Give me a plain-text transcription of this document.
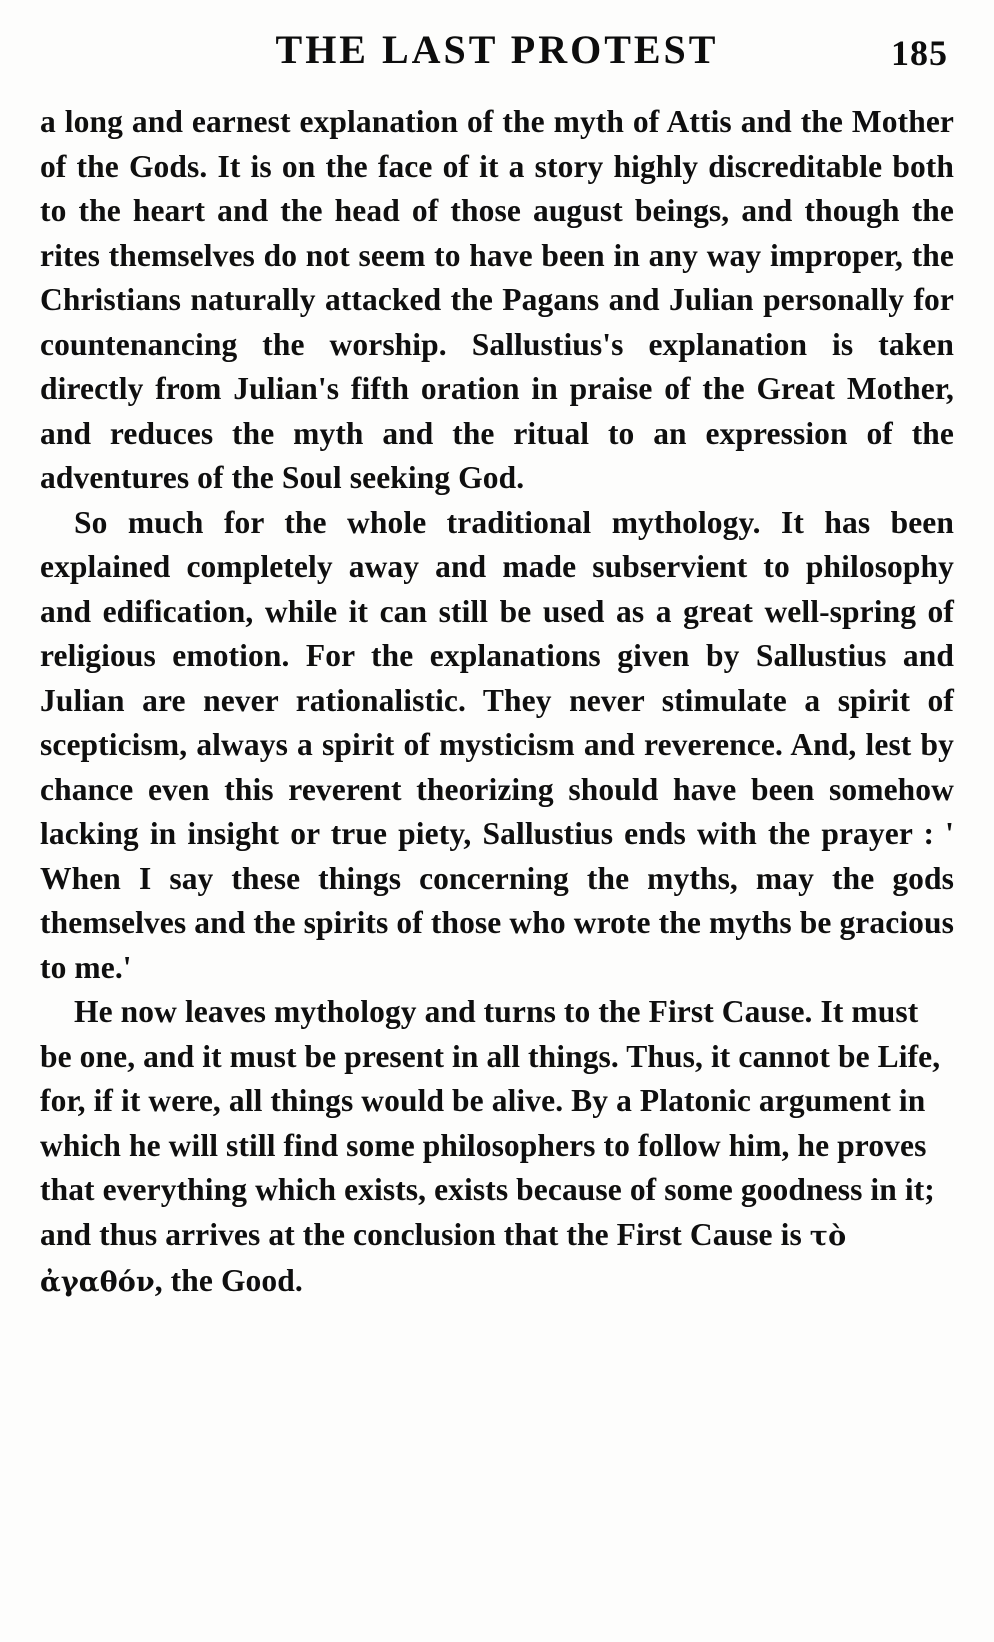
THE LAST PROTEST	185

a long and earnest explanation of the myth of Attis and the Mother of the Gods. It is on the face of it a story highly discreditable both to the heart and the head of those august beings, and though the rites themselves do not seem to have been in any way improper, the Christians naturally attacked the Pagans and Julian personally for countenancing the worship. Sallustius's explanation is taken directly from Julian's fifth oration in praise of the Great Mother, and reduces the myth and the ritual to an expression of the adventures of the Soul seeking God.

So much for the whole traditional mythology. It has been explained completely away and made subservient to philosophy and edification, while it can still be used as a great well-spring of religious emotion. For the explanations given by Sallustius and Julian are never rationalistic. They never stimulate a spirit of scepticism, always a spirit of mysticism and reverence. And, lest by chance even this reverent theorizing should have been somehow lacking in insight or true piety, Sallustius ends with the prayer : ' When I say these things concerning the myths, may the gods themselves and the spirits of those who wrote the myths be gracious to me.'

He now leaves mythology and turns to the First Cause. It must be one, and it must be present in all things. Thus, it cannot be Life, for, if it were, all things would be alive. By a Platonic argument in which he will still find some philosophers to follow him, he proves that everything which exists, exists because of some goodness in it; and thus arrives at the conclusion that the First Cause is τὸ ἀγαθόν, the Good.
